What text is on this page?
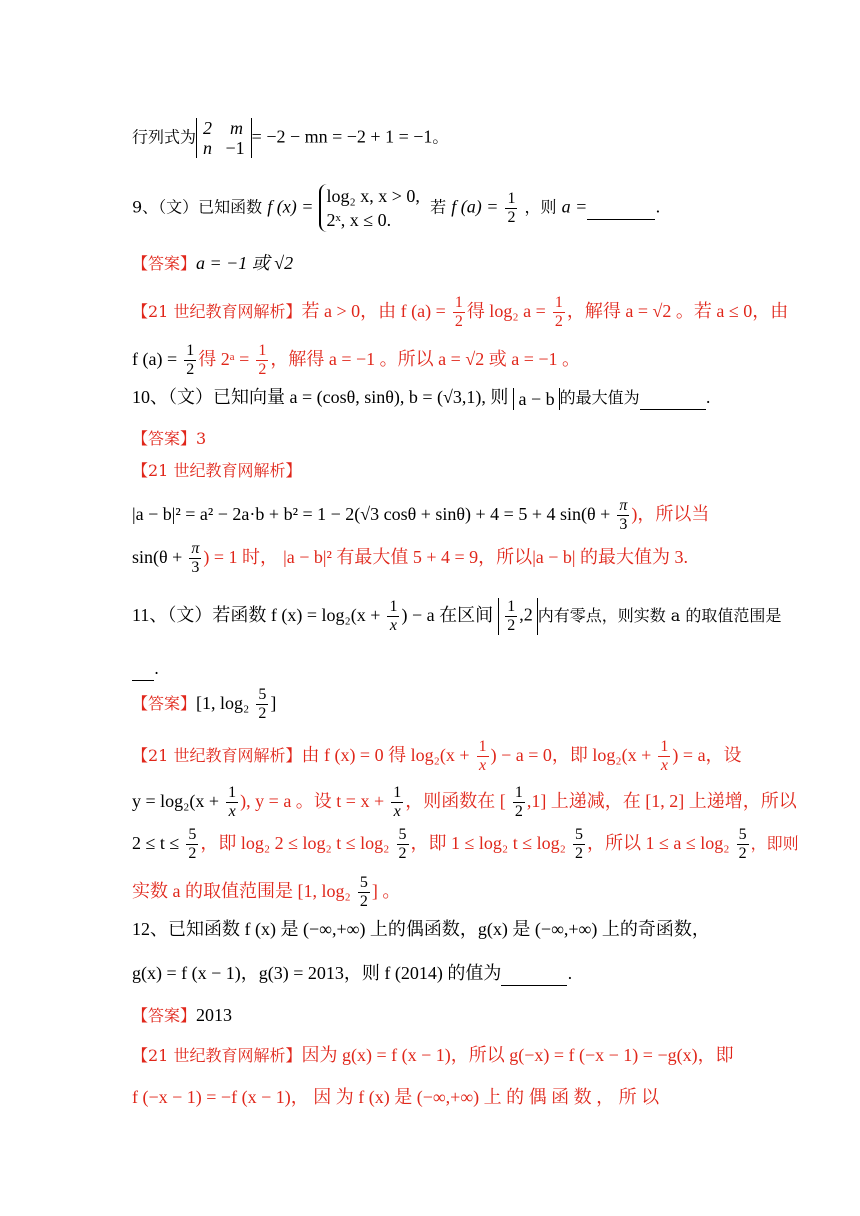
行列式为 2 m
n −1
= −2 − mn = −2 + 1 = −1。
9、（文）已知函数 f (x) =
log₂ x, x > 0,
2ˣ, x ≤ 0.
若 f $(a) = \frac{1}{2}$ ，则 a =	.
【答案】a = −1 或 √2
【21 世纪教育网解析】若 a > 0，由 f $(a) = \frac{1}{2}$ 得 log₂ $a = \frac{1}{2}$ ，解得 a = √2 。若 a ≤ 0，由
f $(a) = \frac{1}{2}$ 得 2ᵃ = $\frac{1}{2}$ ，解得 a = −1 。所以 a = √2 或 a = −1 。
10、（文）已知向量 a = (cosθ, sinθ), b = (√3,1), 则 a − b 的最大值为	.
【答案】3
【21 世纪教育网解析】
|a − b|² = a² − 2a·b + b² = 1 − 2(√3 cosθ + sinθ) + 4 = 5 + 4 $\sin(\theta + \frac{\pi}{3}$ )，所以当
$\sin(\theta + \frac{\pi}{3}$ ) = 1 时， |a − b|² 有最大值 5 + 4 = 9，所以|a − b| 的最大值为 3.
11、（文）若函数 f $(x) = \log_2(x + \frac{1}{x}$ ) − a 在区间 $\frac{1}{2} ,2$ 内有零点，则实数 a 的取值范围是
.
【答案】[1, $\log_2 \frac{5}{2}$ ]
【21 世纪教育网解析】由 f (x) = 0 得 $\log_2(x + \frac{1}{x}$ ) − a = 0，即 $\log_2(x + \frac{1}{x}$ ) = a，设
$y = \log_2(x + \frac{1}{x}$ ), y = a 。设 $t = x + \frac{1}{x}$ ，则函数在 [ $\frac{1}{2} ,1$] 上递减，在 [1, 2] 上递增，所以
$2 \le t \le \frac{5}{2}$ ，即 log₂ 2 ≤ log₂ $t \le \log_2 \frac{5}{2}$ ，即 1 ≤ log₂ $t \le \log_2 \frac{5}{2}$ ，所以 $1 \le a \le \log_2 \frac{5}{2}$ ，即则
实数 a 的取值范围是 [1, $\log_2 \frac{5}{2}$ ] 。
12、已知函数 f (x) 是 (−∞,+∞) 上的偶函数，g(x) 是 (−∞,+∞) 上的奇函数，
g(x) = f (x − 1)，g(3) = 2013，则 f (2014) 的值为	.
【答案】2013
【21 世纪教育网解析】因为 g(x) = f (x − 1)，所以 g(−x) = f (−x − 1) = −g(x)，即
f (−x − 1) = −f (x − 1)， 因 为 f (x) 是 (−∞,+∞) 上 的 偶 函 数 ， 所 以
